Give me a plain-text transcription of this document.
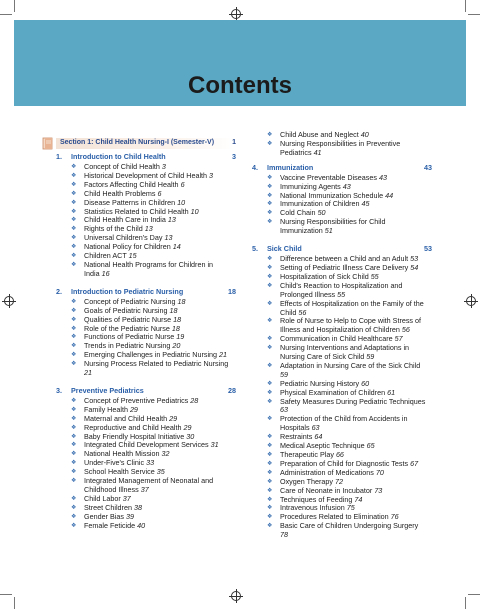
Contents
Section 1: Child Health Nursing-I (Semester-V)	1
1. Introduction to Child Health	3
❖ Concept of Child Health 3
❖ Historical Development of Child Health 3
❖ Factors Affecting Child Health 6
❖ Child Health Problems 6
❖ Disease Patterns in Children 10
❖ Statistics Related to Child Health 10
❖ Child Health Care in India 13
❖ Rights of the Child 13
❖ Universal Children's Day 13
❖ National Policy for Children 14
❖ Children ACT 15
❖ National Health Programs for Children in India 16
2. Introduction to Pediatric Nursing	18
❖ Concept of Pediatric Nursing 18
❖ Goals of Pediatric Nursing 18
❖ Qualities of Pediatric Nurse 18
❖ Role of the Pediatric Nurse 18
❖ Functions of Pediatric Nurse 19
❖ Trends in Pediatric Nursing 20
❖ Emerging Challenges in Pediatric Nursing 21
❖ Nursing Process Related to Pediatric Nursing 21
3. Preventive Pediatrics	28
❖ Concept of Preventive Pediatrics 28
❖ Family Health 29
❖ Maternal and Child Health 29
❖ Reproductive and Child Health 29
❖ Baby Friendly Hospital Initiative 30
❖ Integrated Child Development Services 31
❖ National Health Mission 32
❖ Under-Five's Clinic 33
❖ School Health Service 35
❖ Integrated Management of Neonatal and Childhood Illness 37
❖ Child Labor 37
❖ Street Children 38
❖ Gender Bias 39
❖ Female Feticide 40
❖ Child Abuse and Neglect 40
❖ Nursing Responsibilities in Preventive Pediatrics 41
4. Immunization	43
❖ Vaccine Preventable Diseases 43
❖ Immunizing Agents 43
❖ National Immunization Schedule 44
❖ Immunization of Children 45
❖ Cold Chain 50
❖ Nursing Responsibilities for Child Immunization 51
5. Sick Child	53
❖ Difference between a Child and an Adult 53
❖ Setting of Pediatric Illness Care Delivery 54
❖ Hospitalization of Sick Child 55
❖ Child's Reaction to Hospitalization and Prolonged Illness 55
❖ Effects of Hospitalization on the Family of the Child 56
❖ Role of Nurse to Help to Cope with Stress of Illness and Hospitalization of Children 56
❖ Communication in Child Healthcare 57
❖ Nursing Interventions and Adaptations in Nursing Care of Sick Child 59
❖ Adaptation in Nursing Care of the Sick Child 59
❖ Pediatric Nursing History 60
❖ Physical Examination of Children 61
❖ Safety Measures During Pediatric Techniques 63
❖ Protection of the Child from Accidents in Hospitals 63
❖ Restraints 64
❖ Medical Aseptic Technique 65
❖ Therapeutic Play 66
❖ Preparation of Child for Diagnostic Tests 67
❖ Administration of Medications 70
❖ Oxygen Therapy 72
❖ Care of Neonate in Incubator 73
❖ Techniques of Feeding 74
❖ Intravenous Infusion 75
❖ Procedures Related to Elimination 76
❖ Basic Care of Children Undergoing Surgery 78
